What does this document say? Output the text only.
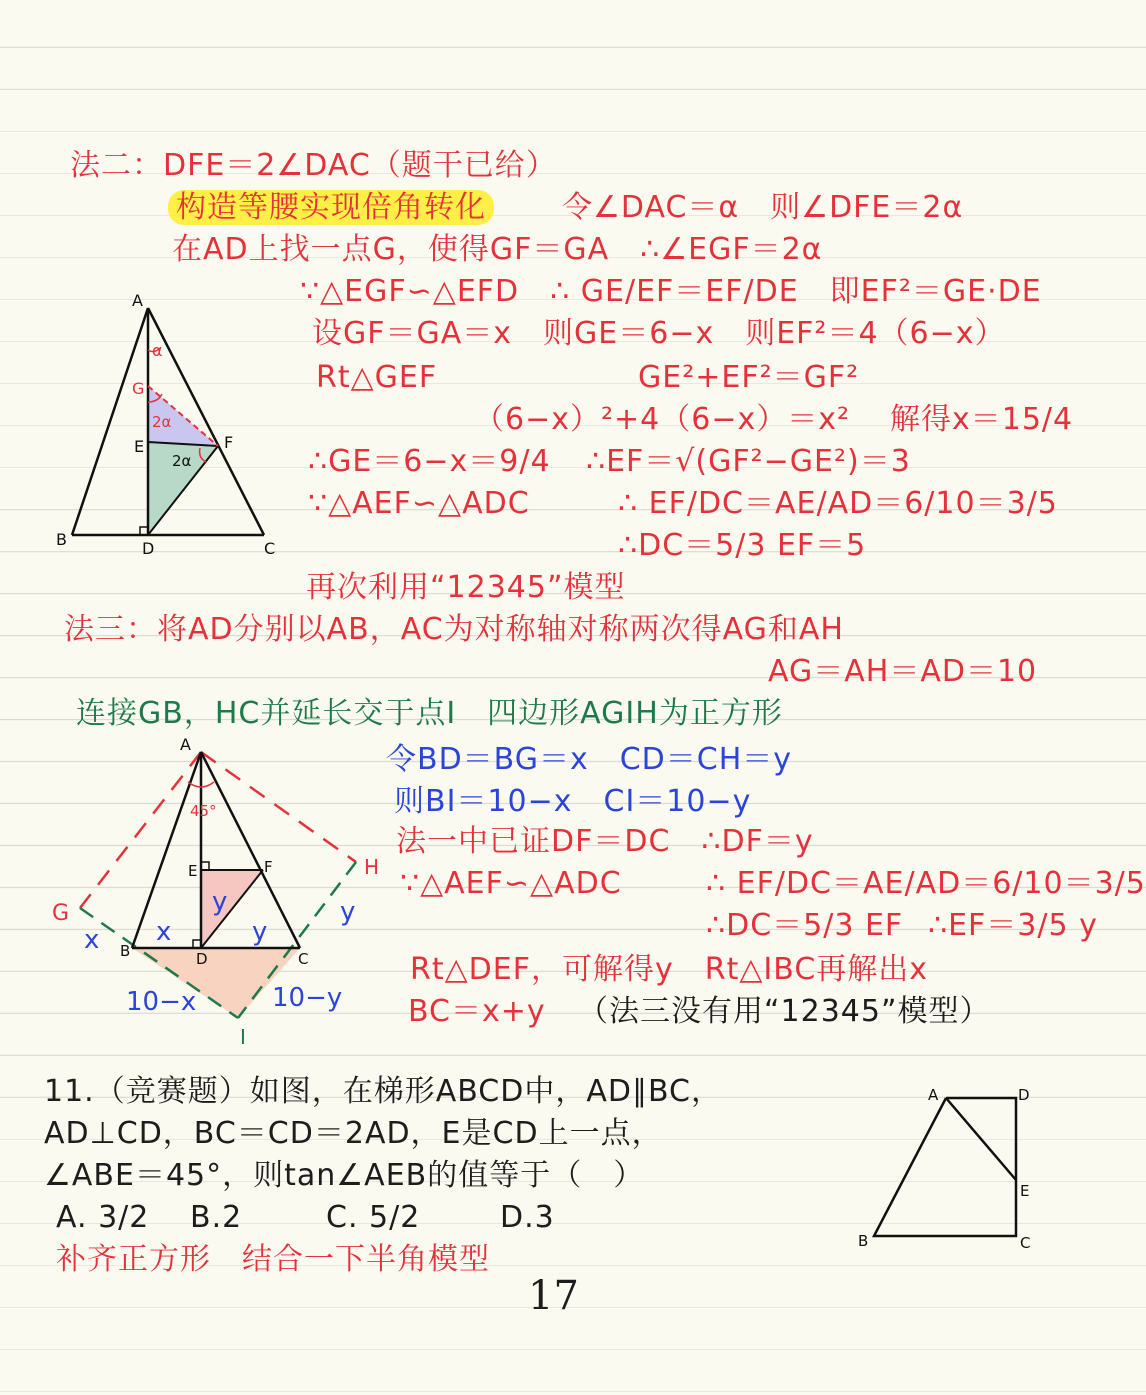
法二：DFE＝2∠DAC（题干已给）
构造等腰实现倍角转化	令∠DAC＝α　则∠DFE＝2α
在AD上找一点G，使得GF＝GA　∴∠EGF＝2α
∵△EGF∽△EFD　∴ GE/EF＝EF/DE　即EF²＝GE·DE
设GF＝GA＝x　则GE＝6−x　则EF²＝4（6−x）
Rt△GEF	GE²+EF²＝GF²
（6−x）²+4（6−x）＝x² 解得x＝15/4
∴GE＝6−x＝9/4 ∴EF＝√(GF²−GE²)＝3
∵△AEF∽△ADC	∴ EF/DC＝AE/AD＝6/10＝3/5
∴DC＝5/3 EF＝5
再次利用“12345”模型
α
2α
2α
A
G
E	F
B	D	C
法三：将AD分别以AB，AC为对称轴对称两次得AG和AH
AG＝AH＝AD＝10
连接GB，HC并延长交于点I　四边形AGIH为正方形
令BD＝BG＝x　CD＝CH＝y
则BI＝10−x　CI＝10−y
法一中已证DF＝DC　∴DF＝y
∵△AEF∽△ADC	∴ EF/DC＝AE/AD＝6/10＝3/5
∴DC＝5/3 EF ∴EF＝3/5 y
Rt△DEF，可解得y　Rt△IBC再解出x
BC＝x+y （法三没有用“12345”模型）
45°
A
G
H
I
E	F
B	D	C
y
x	y
x
y
10−x	10−y
11.（竞赛题）如图，在梯形ABCD中，AD∥BC，
AD⊥CD，BC＝CD＝2AD，E是CD上一点，
∠ABE＝45°，则tan∠AEB的值等于（　）
A. 3/2 B.2	C. 5/2	D.3
补齐正方形　结合一下半角模型
A	D
E
B	C
17
